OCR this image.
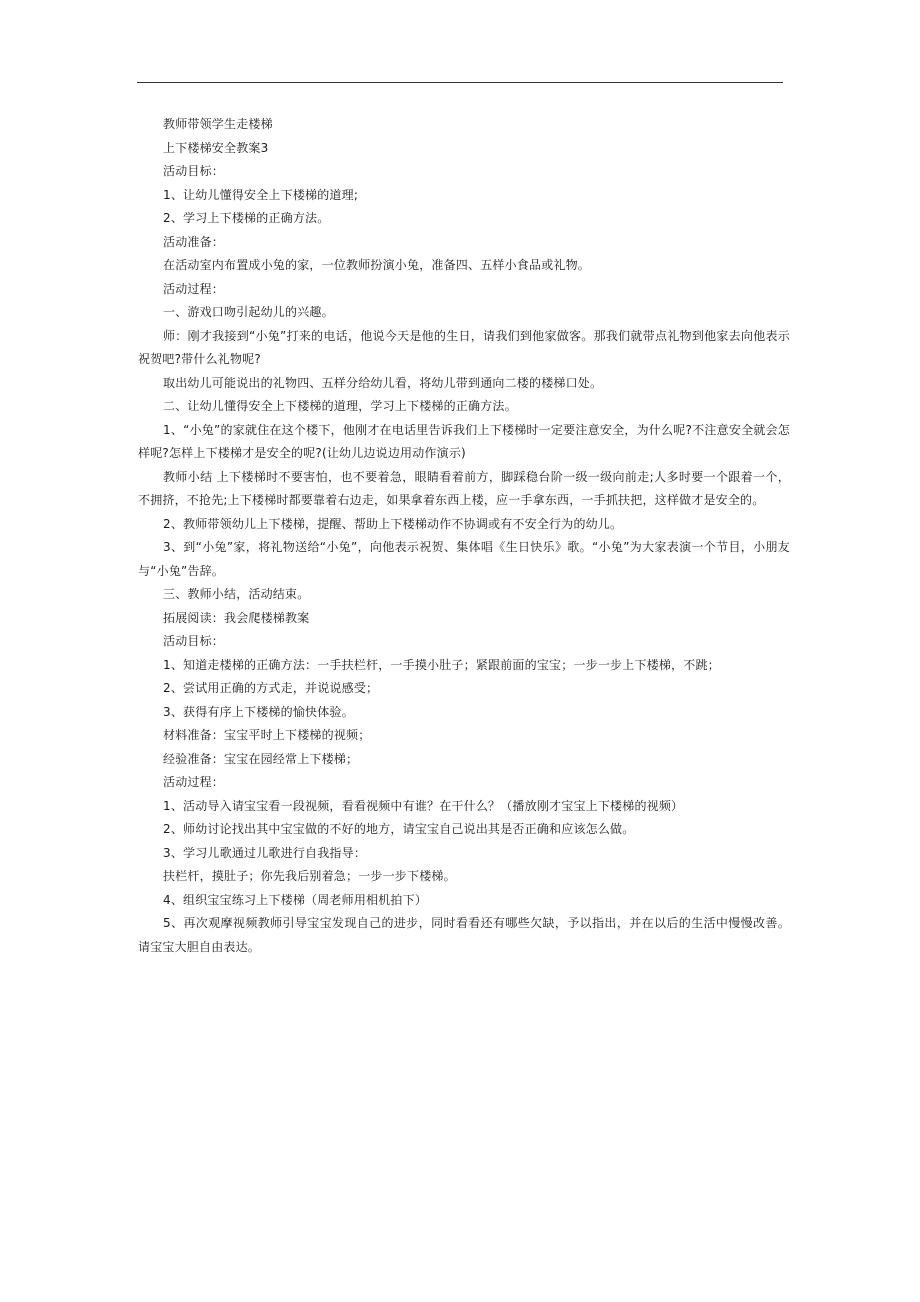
教师带领学生走楼梯

上下楼梯安全教案3

活动目标：

1、让幼儿懂得安全上下楼梯的道理;

2、学习上下楼梯的正确方法。

活动准备：

在活动室内布置成小兔的家，一位教师扮演小兔，准备四、五样小食品或礼物。

活动过程：

一、游戏口吻引起幼儿的兴趣。

师：刚才我接到“小兔”打来的电话，他说今天是他的生日，请我们到他家做客。那我们就带点礼物到他家去向他表示祝贺吧?带什么礼物呢?

取出幼儿可能说出的礼物四、五样分给幼儿看，将幼儿带到通向二楼的楼梯口处。

二、让幼儿懂得安全上下楼梯的道理，学习上下楼梯的正确方法。

1、“小兔”的家就住在这个楼下，他刚才在电话里告诉我们上下楼梯时一定要注意安全，为什么呢?不注意安全就会怎样呢?怎样上下楼梯才是安全的呢?(让幼儿边说边用动作演示)

教师小结 上下楼梯时不要害怕，也不要着急，眼睛看着前方，脚踩稳台阶一级一级向前走;人多时要一个跟着一个，不拥挤，不抢先;上下楼梯时都要靠着右边走，如果拿着东西上楼，应一手拿东西，一手抓扶把，这样做才是安全的。

2、教师带领幼儿上下楼梯，提醒、帮助上下楼梯动作不协调或有不安全行为的幼儿。

3、到“小兔”家，将礼物送给“小兔”，向他表示祝贺、集体唱《生日快乐》歌。“小兔”为大家表演一个节目，小朋友与“小兔”告辞。

三、教师小结，活动结束。

拓展阅读：我会爬楼梯教案

活动目标：

1、知道走楼梯的正确方法：一手扶栏杆，一手摸小肚子；紧跟前面的宝宝；一步一步上下楼梯，不跳；

2、尝试用正确的方式走，并说说感受；

3、获得有序上下楼梯的愉快体验。

材料准备：宝宝平时上下楼梯的视频；

经验准备：宝宝在园经常上下楼梯；

活动过程：

1、活动导入请宝宝看一段视频，看看视频中有谁？在干什么？（播放刚才宝宝上下楼梯的视频）

2、师幼讨论找出其中宝宝做的不好的地方，请宝宝自己说出其是否正确和应该怎么做。

3、学习儿歌通过儿歌进行自我指导：

扶栏杆，摸肚子；你先我后别着急；一步一步下楼梯。

4、组织宝宝练习上下楼梯（周老师用相机拍下）

5、再次观摩视频教师引导宝宝发现自己的进步，同时看看还有哪些欠缺，予以指出，并在以后的生活中慢慢改善。请宝宝大胆自由表达。
